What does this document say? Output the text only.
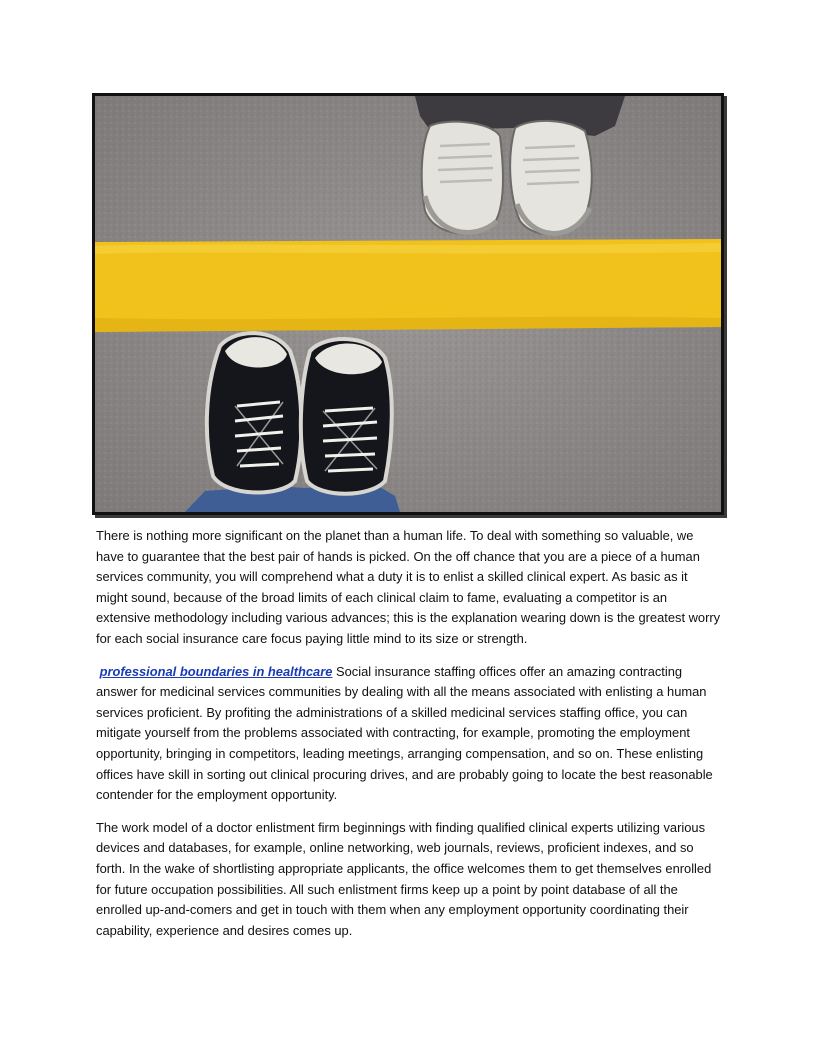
There is nothing more significant on the planet than a human life. To deal with something so valuable, we have to guarantee that the best pair of hands is picked. On the off chance that you are a piece of a human services community, you will comprehend what a duty it is to enlist a skilled clinical expert. As basic as it might sound, because of the broad limits of each clinical claim to fame, evaluating a competitor is an extensive methodology including various advances; this is the explanation wearing down is the greatest worry for each social insurance care focus paying little mind to its size or strength.

professional boundaries in healthcare Social insurance staffing offices offer an amazing contracting answer for medicinal services communities by dealing with all the means associated with enlisting a human services proficient. By profiting the administrations of a skilled medicinal services staffing office, you can mitigate yourself from the problems associated with contracting, for example, promoting the employment opportunity, bringing in competitors, leading meetings, arranging compensation, and so on. These enlisting offices have skill in sorting out clinical procuring drives, and are probably going to locate the best reasonable contender for the employment opportunity.

The work model of a doctor enlistment firm beginnings with finding qualified clinical experts utilizing various devices and databases, for example, online networking, web journals, reviews, proficient indexes, and so forth. In the wake of shortlisting appropriate applicants, the office welcomes them to get themselves enrolled for future occupation possibilities. All such enlistment firms keep up a point by point database of all the enrolled up-and-comers and get in touch with them when any employment opportunity coordinating their capability, experience and desires comes up.
